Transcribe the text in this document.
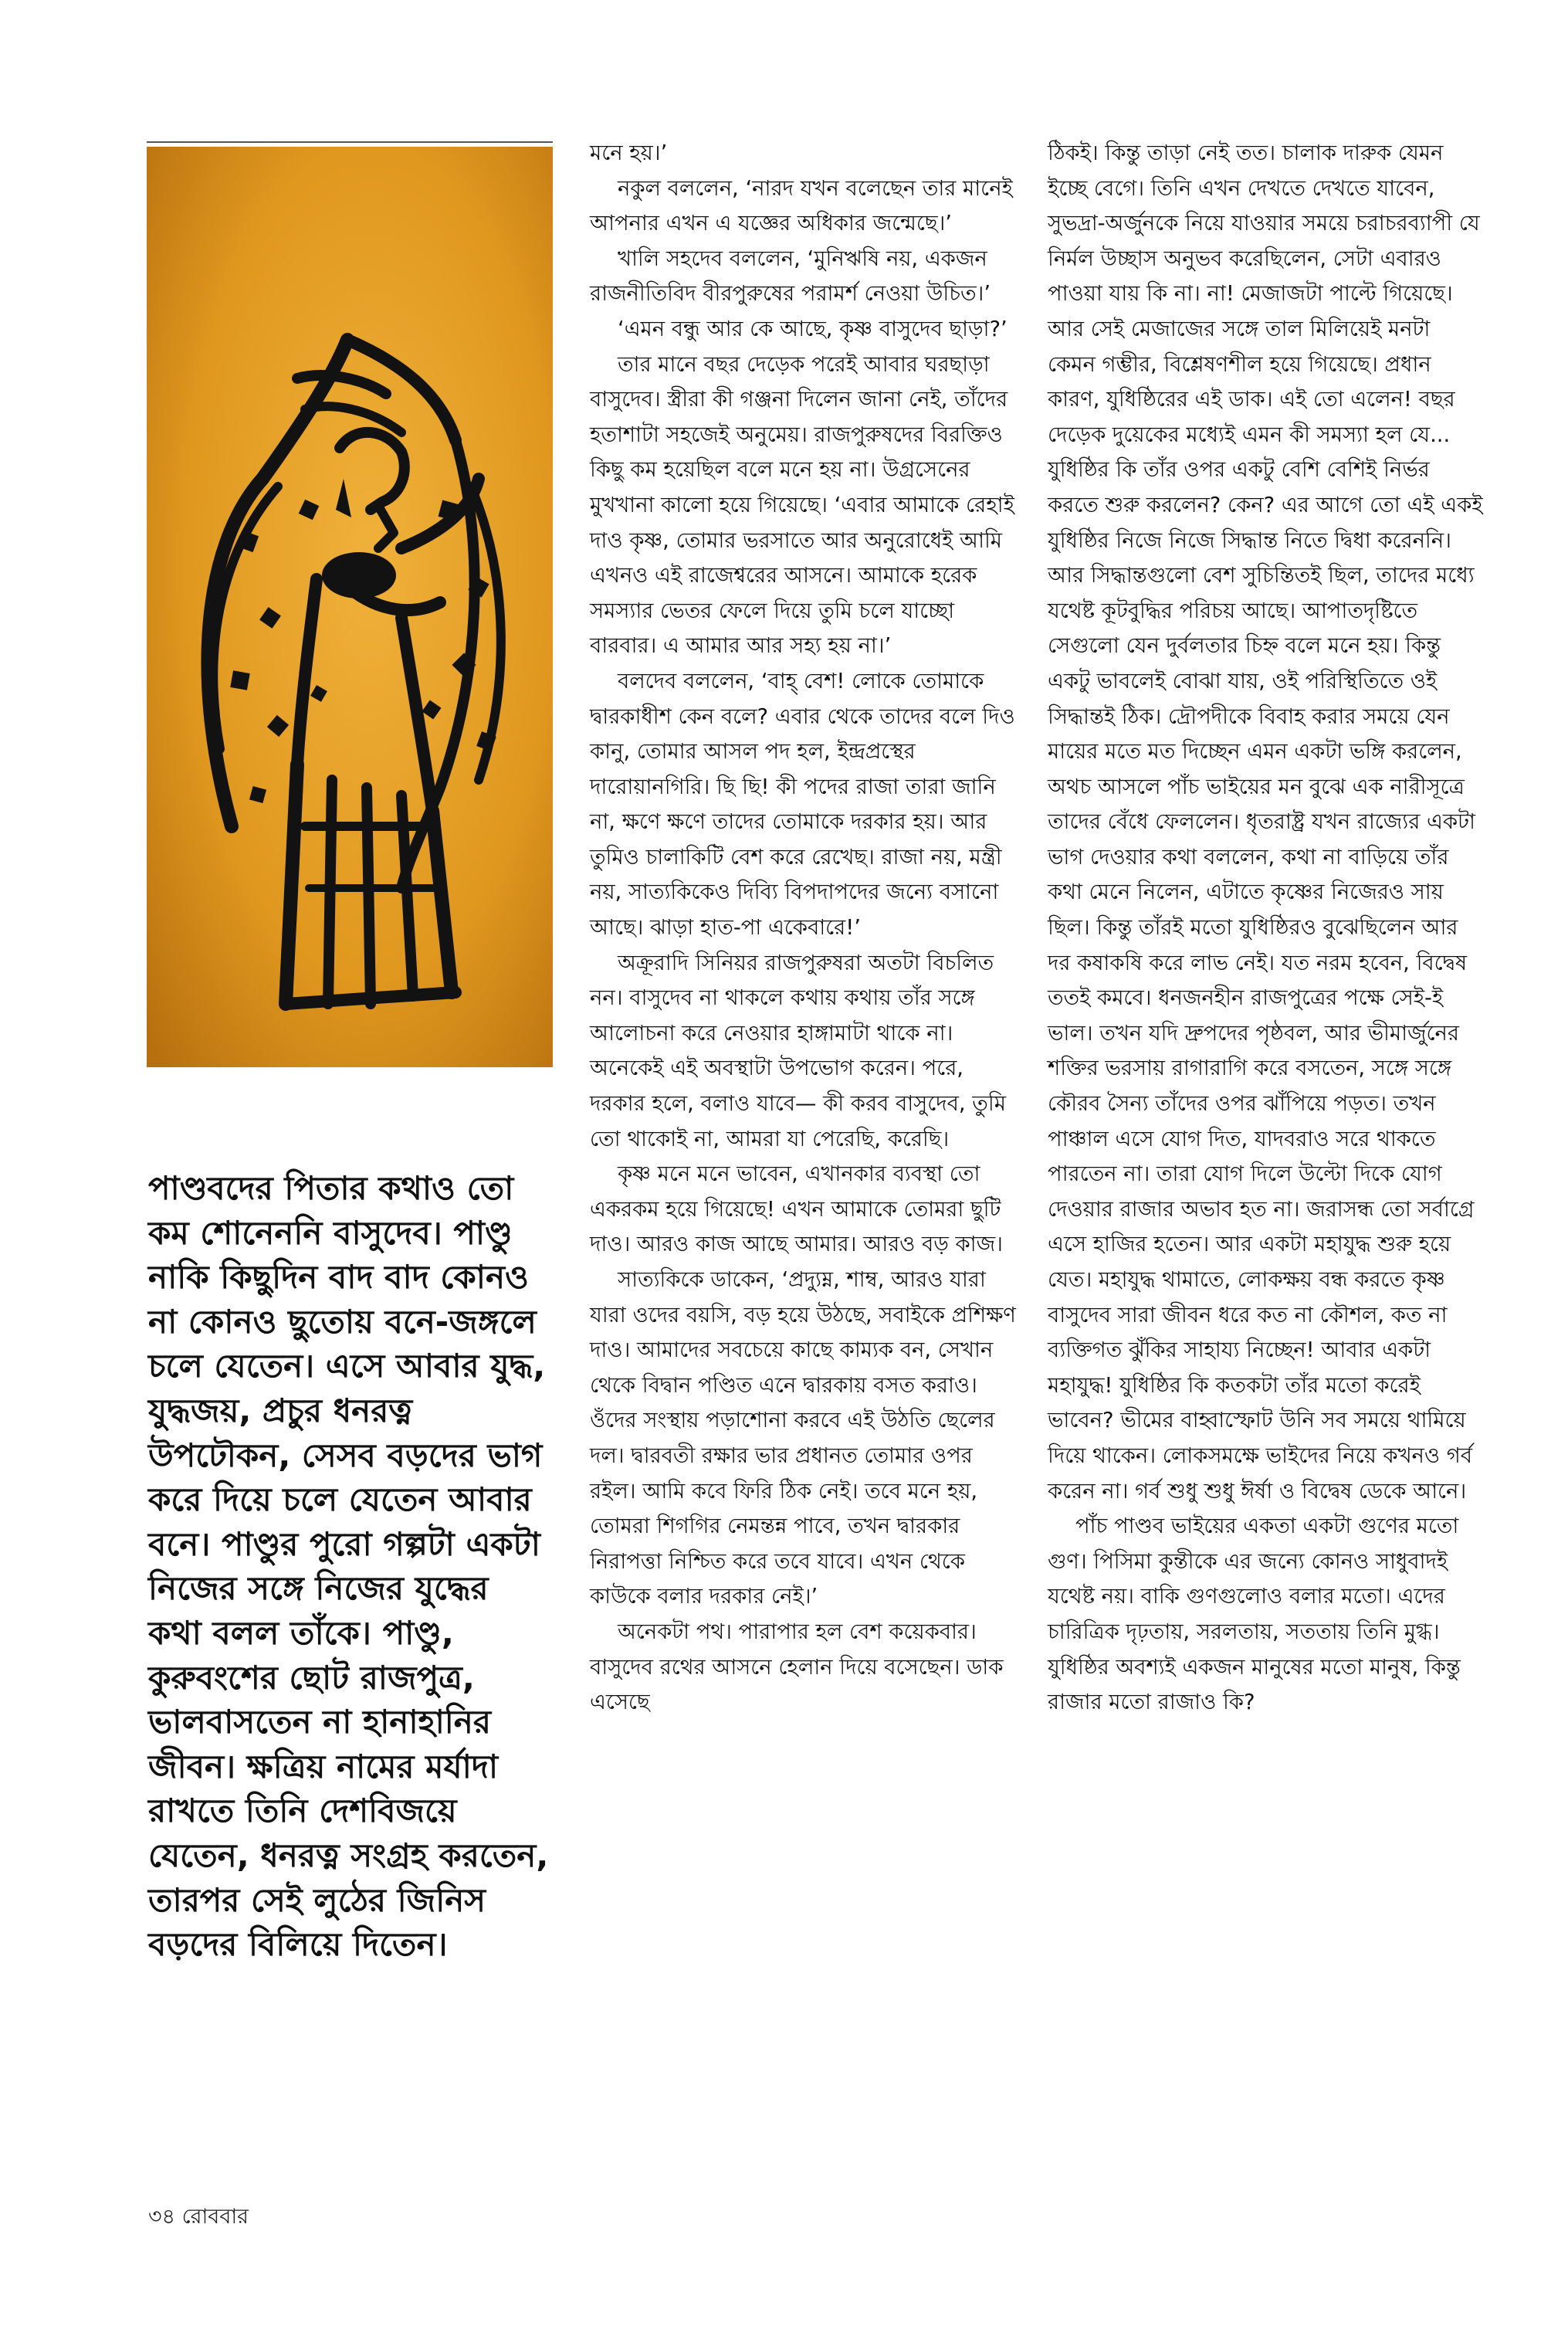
পাণ্ডবদের পিতার কথাও তো

কম শোনেননি বাসুদেব। পাণ্ডু

নাকি কিছুদিন বাদ বাদ কোনও

না কোনও ছুতোয় বনে-জঙ্গলে

চলে যেতেন। এসে আবার যুদ্ধ,

যুদ্ধজয়, প্রচুর ধনরত্ন

উপঢৌকন, সেসব বড়দের ভাগ

করে দিয়ে চলে যেতেন আবার

বনে। পাণ্ডুর পুরো গল্পটা একটা

নিজের সঙ্গে নিজের যুদ্ধের

কথা বলল তাঁকে। পাণ্ডু,

কুরুবংশের ছোট রাজপুত্র,

ভালবাসতেন না হানাহানির

জীবন। ক্ষত্রিয় নামের মর্যাদা

রাখতে তিনি দেশবিজয়ে

যেতেন, ধনরত্ন সংগ্রহ করতেন,

তারপর সেই লুঠের জিনিস

বড়দের বিলিয়ে দিতেন।

মনে হয়।’

নকুল বললেন, ‘নারদ যখন বলেছেন তার মানেই আপনার এখন এ যজ্ঞের অধিকার জন্মেছে।’

খালি সহদেব বললেন, ‘মুনিঋষি নয়, একজন রাজনীতিবিদ বীরপুরুষের পরামর্শ নেওয়া উচিত।’

‘এমন বন্ধু আর কে আছে, কৃষ্ণ বাসুদেব ছাড়া?’

তার মানে বছর দেড়েক পরেই আবার ঘরছাড়া বাসুদেব। স্ত্রীরা কী গঞ্জনা দিলেন জানা নেই, তাঁদের হতাশাটা সহজেই অনুমেয়। রাজপুরুষদের বিরক্তিও কিছু কম হয়েছিল বলে মনে হয় না। উগ্রসেনের মুখখানা কালো হয়ে গিয়েছে। ‘এবার আমাকে রেহাই দাও কৃষ্ণ, তোমার ভরসাতে আর অনুরোধেই আমি এখনও এই রাজেশ্বরের আসনে। আমাকে হরেক সমস্যার ভেতর ফেলে দিয়ে তুমি চলে যাচ্ছো বারবার। এ আমার আর সহ্য হয় না।’

বলদেব বললেন, ‘বাহ্ বেশ! লোকে তোমাকে দ্বারকাধীশ কেন বলে? এবার থেকে তাদের বলে দিও কানু, তোমার আসল পদ হল, ইন্দ্রপ্রস্থের দারোয়ানগিরি। ছি ছি! কী পদের রাজা তারা জানি না, ক্ষণে ক্ষণে তাদের তোমাকে দরকার হয়। আর তুমিও চালাকিটি বেশ করে রেখেছ। রাজা নয়, মন্ত্রী নয়, সাত্যকিকেও দিব্যি বিপদাপদের জন্যে বসানো আছে। ঝাড়া হাত-পা একেবারে!’

অক্রূরাদি সিনিয়র রাজপুরুষরা অতটা বিচলিত নন। বাসুদেব না থাকলে কথায় কথায় তাঁর সঙ্গে আলোচনা করে নেওয়ার হাঙ্গামাটা থাকে না। অনেকেই এই অবস্থাটা উপভোগ করেন। পরে, দরকার হলে, বলাও যাবে— কী করব বাসুদেব, তুমি তো থাকোই না, আমরা যা পেরেছি, করেছি।

কৃষ্ণ মনে মনে ভাবেন, এখানকার ব্যবস্থা তো একরকম হয়ে গিয়েছে! এখন আমাকে তোমরা ছুটি দাও। আরও কাজ আছে আমার। আরও বড় কাজ।

সাত্যকিকে ডাকেন, ‘প্রদ্যুম্ন, শাম্ব, আরও যারা যারা ওদের বয়সি, বড় হয়ে উঠছে, সবাইকে প্রশিক্ষণ দাও। আমাদের সবচেয়ে কাছে কাম্যক বন, সেখান থেকে বিদ্বান পণ্ডিত এনে দ্বারকায় বসত করাও। ওঁদের সংস্থায় পড়াশোনা করবে এই উঠতি ছেলের দল। দ্বারবতী রক্ষার ভার প্রধানত তোমার ওপর রইল। আমি কবে ফিরি ঠিক নেই। তবে মনে হয়, তোমরা শিগগির নেমন্তন্ন পাবে, তখন দ্বারকার নিরাপত্তা নিশ্চিত করে তবে যাবে। এখন থেকে কাউকে বলার দরকার নেই।’

অনেকটা পথ। পারাপার হল বেশ কয়েকবার। বাসুদেব রথের আসনে হেলান দিয়ে বসেছেন। ডাক এসেছে

ঠিকই। কিন্তু তাড়া নেই তত। চালাক দারুক যেমন ইচ্ছে বেগে। তিনি এখন দেখতে দেখতে যাবেন, সুভদ্রা-অর্জুনকে নিয়ে যাওয়ার সময়ে চরাচরব্যাপী যে নির্মল উচ্ছাস অনুভব করেছিলেন, সেটা এবারও পাওয়া যায় কি না। না! মেজাজটা পাল্টে গিয়েছে। আর সেই মেজাজের সঙ্গে তাল মিলিয়েই মনটা কেমন গম্ভীর, বিশ্লেষণশীল হয়ে গিয়েছে। প্রধান কারণ, যুধিষ্ঠিরের এই ডাক। এই তো এলেন! বছর দেড়েক দুয়েকের মধ্যেই এমন কী সমস্যা হল যে... যুধিষ্ঠির কি তাঁর ওপর একটু বেশি বেশিই নির্ভর করতে শুরু করলেন? কেন? এর আগে তো এই একই যুধিষ্ঠির নিজে নিজে সিদ্ধান্ত নিতে দ্বিধা করেননি। আর সিদ্ধান্তগুলো বেশ সুচিন্তিতই ছিল, তাদের মধ্যে যথেষ্ট কূটবুদ্ধির পরিচয় আছে। আপাতদৃষ্টিতে সেগুলো যেন দুর্বলতার চিহ্ন বলে মনে হয়। কিন্তু একটু ভাবলেই বোঝা যায়, ওই পরিস্থিতিতে ওই সিদ্ধান্তই ঠিক। দ্রৌপদীকে বিবাহ করার সময়ে যেন মায়ের মতে মত দিচ্ছেন এমন একটা ভঙ্গি করলেন, অথচ আসলে পাঁচ ভাইয়ের মন বুঝে এক নারীসূত্রে তাদের বেঁধে ফেললেন। ধৃতরাষ্ট্র যখন রাজ্যের একটা ভাগ দেওয়ার কথা বললেন, কথা না বাড়িয়ে তাঁর কথা মেনে নিলেন, এটাতে কৃষ্ণের নিজেরও সায় ছিল। কিন্তু তাঁরই মতো যুধিষ্ঠিরও বুঝেছিলেন আর দর কষাকষি করে লাভ নেই। যত নরম হবেন, বিদ্বেষ ততই কমবে। ধনজনহীন রাজপুত্রের পক্ষে সেই-ই ভাল। তখন যদি দ্রুপদের পৃষ্ঠবল, আর ভীমার্জুনের শক্তির ভরসায় রাগারাগি করে বসতেন, সঙ্গে সঙ্গে কৌরব সৈন্য তাঁদের ওপর ঝাঁপিয়ে পড়ত। তখন পাঞ্চাল এসে যোগ দিত, যাদবরাও সরে থাকতে পারতেন না। তারা যোগ দিলে উল্টো দিকে যোগ দেওয়ার রাজার অভাব হত না। জরাসন্ধ তো সর্বাগ্রে এসে হাজির হতেন। আর একটা মহাযুদ্ধ শুরু হয়ে যেত। মহাযুদ্ধ থামাতে, লোকক্ষয় বন্ধ করতে কৃষ্ণ বাসুদেব সারা জীবন ধরে কত না কৌশল, কত না ব্যক্তিগত ঝুঁকির সাহায্য নিচ্ছেন! আবার একটা মহাযুদ্ধ! যুধিষ্ঠির কি কতকটা তাঁর মতো করেই ভাবেন? ভীমের বাহ্বাস্ফোট উনি সব সময়ে থামিয়ে দিয়ে থাকেন। লোকসমক্ষে ভাইদের নিয়ে কখনও গর্ব করেন না। গর্ব শুধু শুধু ঈর্ষা ও বিদ্বেষ ডেকে আনে।

পাঁচ পাণ্ডব ভাইয়ের একতা একটা গুণের মতো গুণ। পিসিমা কুন্তীকে এর জন্যে কোনও সাধুবাদই যথেষ্ট নয়। বাকি গুণগুলোও বলার মতো। এদের চারিত্রিক দৃঢ়তায়, সরলতায়, সততায় তিনি মুগ্ধ। যুধিষ্ঠির অবশ্যই একজন মানুষের মতো মানুষ, কিন্তু রাজার মতো রাজাও কি?

৩৪ রোববার
